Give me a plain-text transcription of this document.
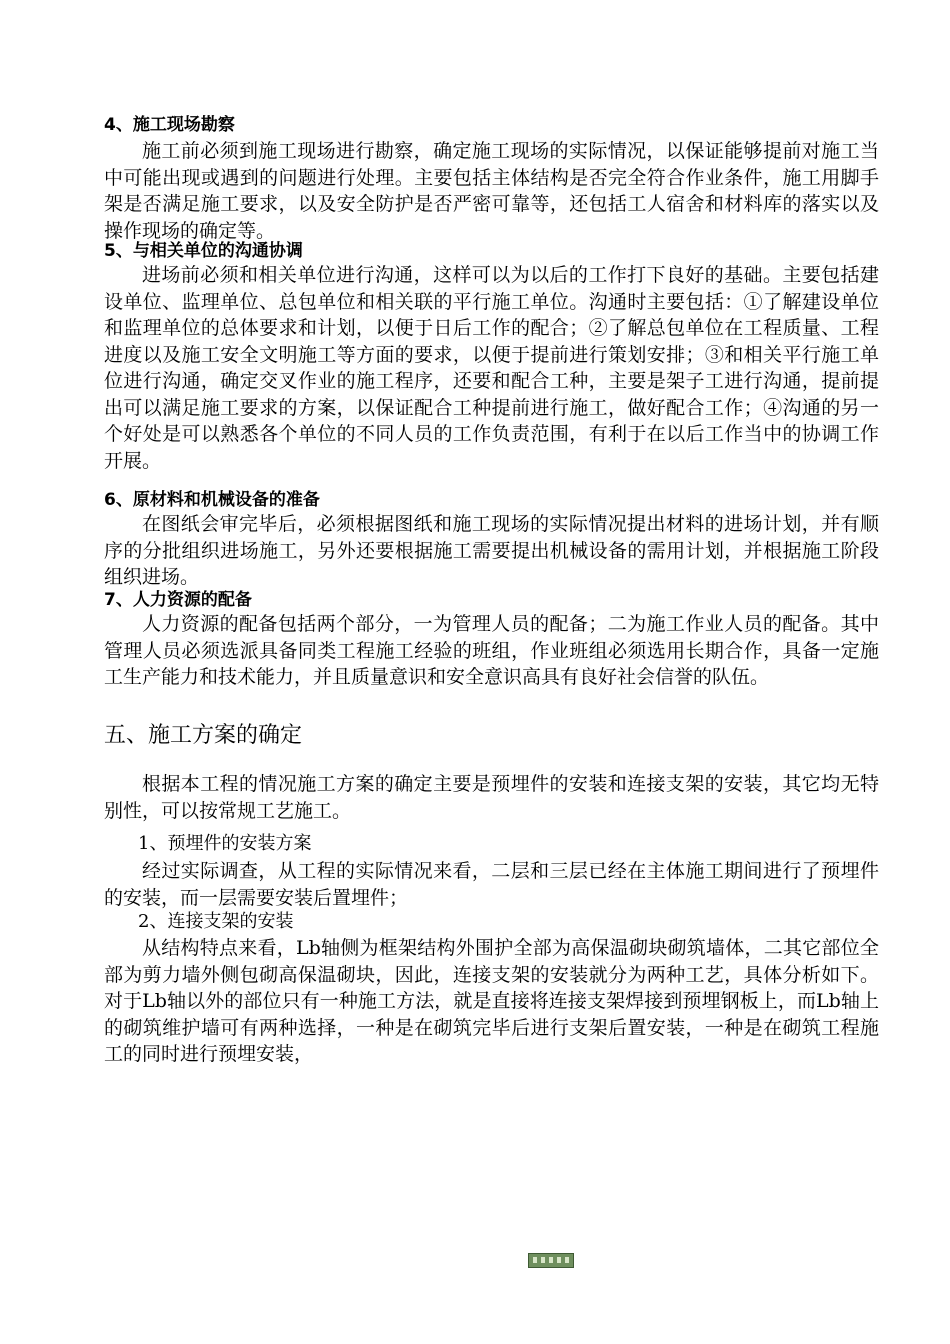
4、施工现场勘察

施工前必须到施工现场进行勘察，确定施工现场的实际情况，以保证能够提前对施工当中可能出现或遇到的问题进行处理。主要包括主体结构是否完全符合作业条件，施工用脚手架是否满足施工要求，以及安全防护是否严密可靠等，还包括工人宿舍和材料库的落实以及操作现场的确定等。

5、与相关单位的沟通协调

进场前必须和相关单位进行沟通，这样可以为以后的工作打下良好的基础。主要包括建设单位、监理单位、总包单位和相关联的平行施工单位。沟通时主要包括：①了解建设单位和监理单位的总体要求和计划，以便于日后工作的配合；②了解总包单位在工程质量、工程进度以及施工安全文明施工等方面的要求，以便于提前进行策划安排；③和相关平行施工单位进行沟通，确定交叉作业的施工程序，还要和配合工种，主要是架子工进行沟通，提前提出可以满足施工要求的方案，以保证配合工种提前进行施工，做好配合工作；④沟通的另一个好处是可以熟悉各个单位的不同人员的工作负责范围，有利于在以后工作当中的协调工作开展。

6、原材料和机械设备的准备

在图纸会审完毕后，必须根据图纸和施工现场的实际情况提出材料的进场计划，并有顺序的分批组织进场施工，另外还要根据施工需要提出机械设备的需用计划，并根据施工阶段组织进场。

7、人力资源的配备

人力资源的配备包括两个部分，一为管理人员的配备；二为施工作业人员的配备。其中管理人员必须选派具备同类工程施工经验的班组，作业班组必须选用长期合作，具备一定施工生产能力和技术能力，并且质量意识和安全意识高具有良好社会信誉的队伍。

五、施工方案的确定

根据本工程的情况施工方案的确定主要是预埋件的安装和连接支架的安装，其它均无特别性，可以按常规工艺施工。

1、预埋件的安装方案

经过实际调查，从工程的实际情况来看，二层和三层已经在主体施工期间进行了预埋件的安装，而一层需要安装后置埋件；

2、连接支架的安装

从结构特点来看，Lb轴侧为框架结构外围护全部为高保温砌块砌筑墙体，二其它部位全部为剪力墙外侧包砌高保温砌块，因此，连接支架的安装就分为两种工艺，具体分析如下。对于Lb轴以外的部位只有一种施工方法，就是直接将连接支架焊接到预埋钢板上，而Lb轴上的砌筑维护墙可有两种选择，一种是在砌筑完毕后进行支架后置安装，一种是在砌筑工程施工的同时进行预埋安装，
